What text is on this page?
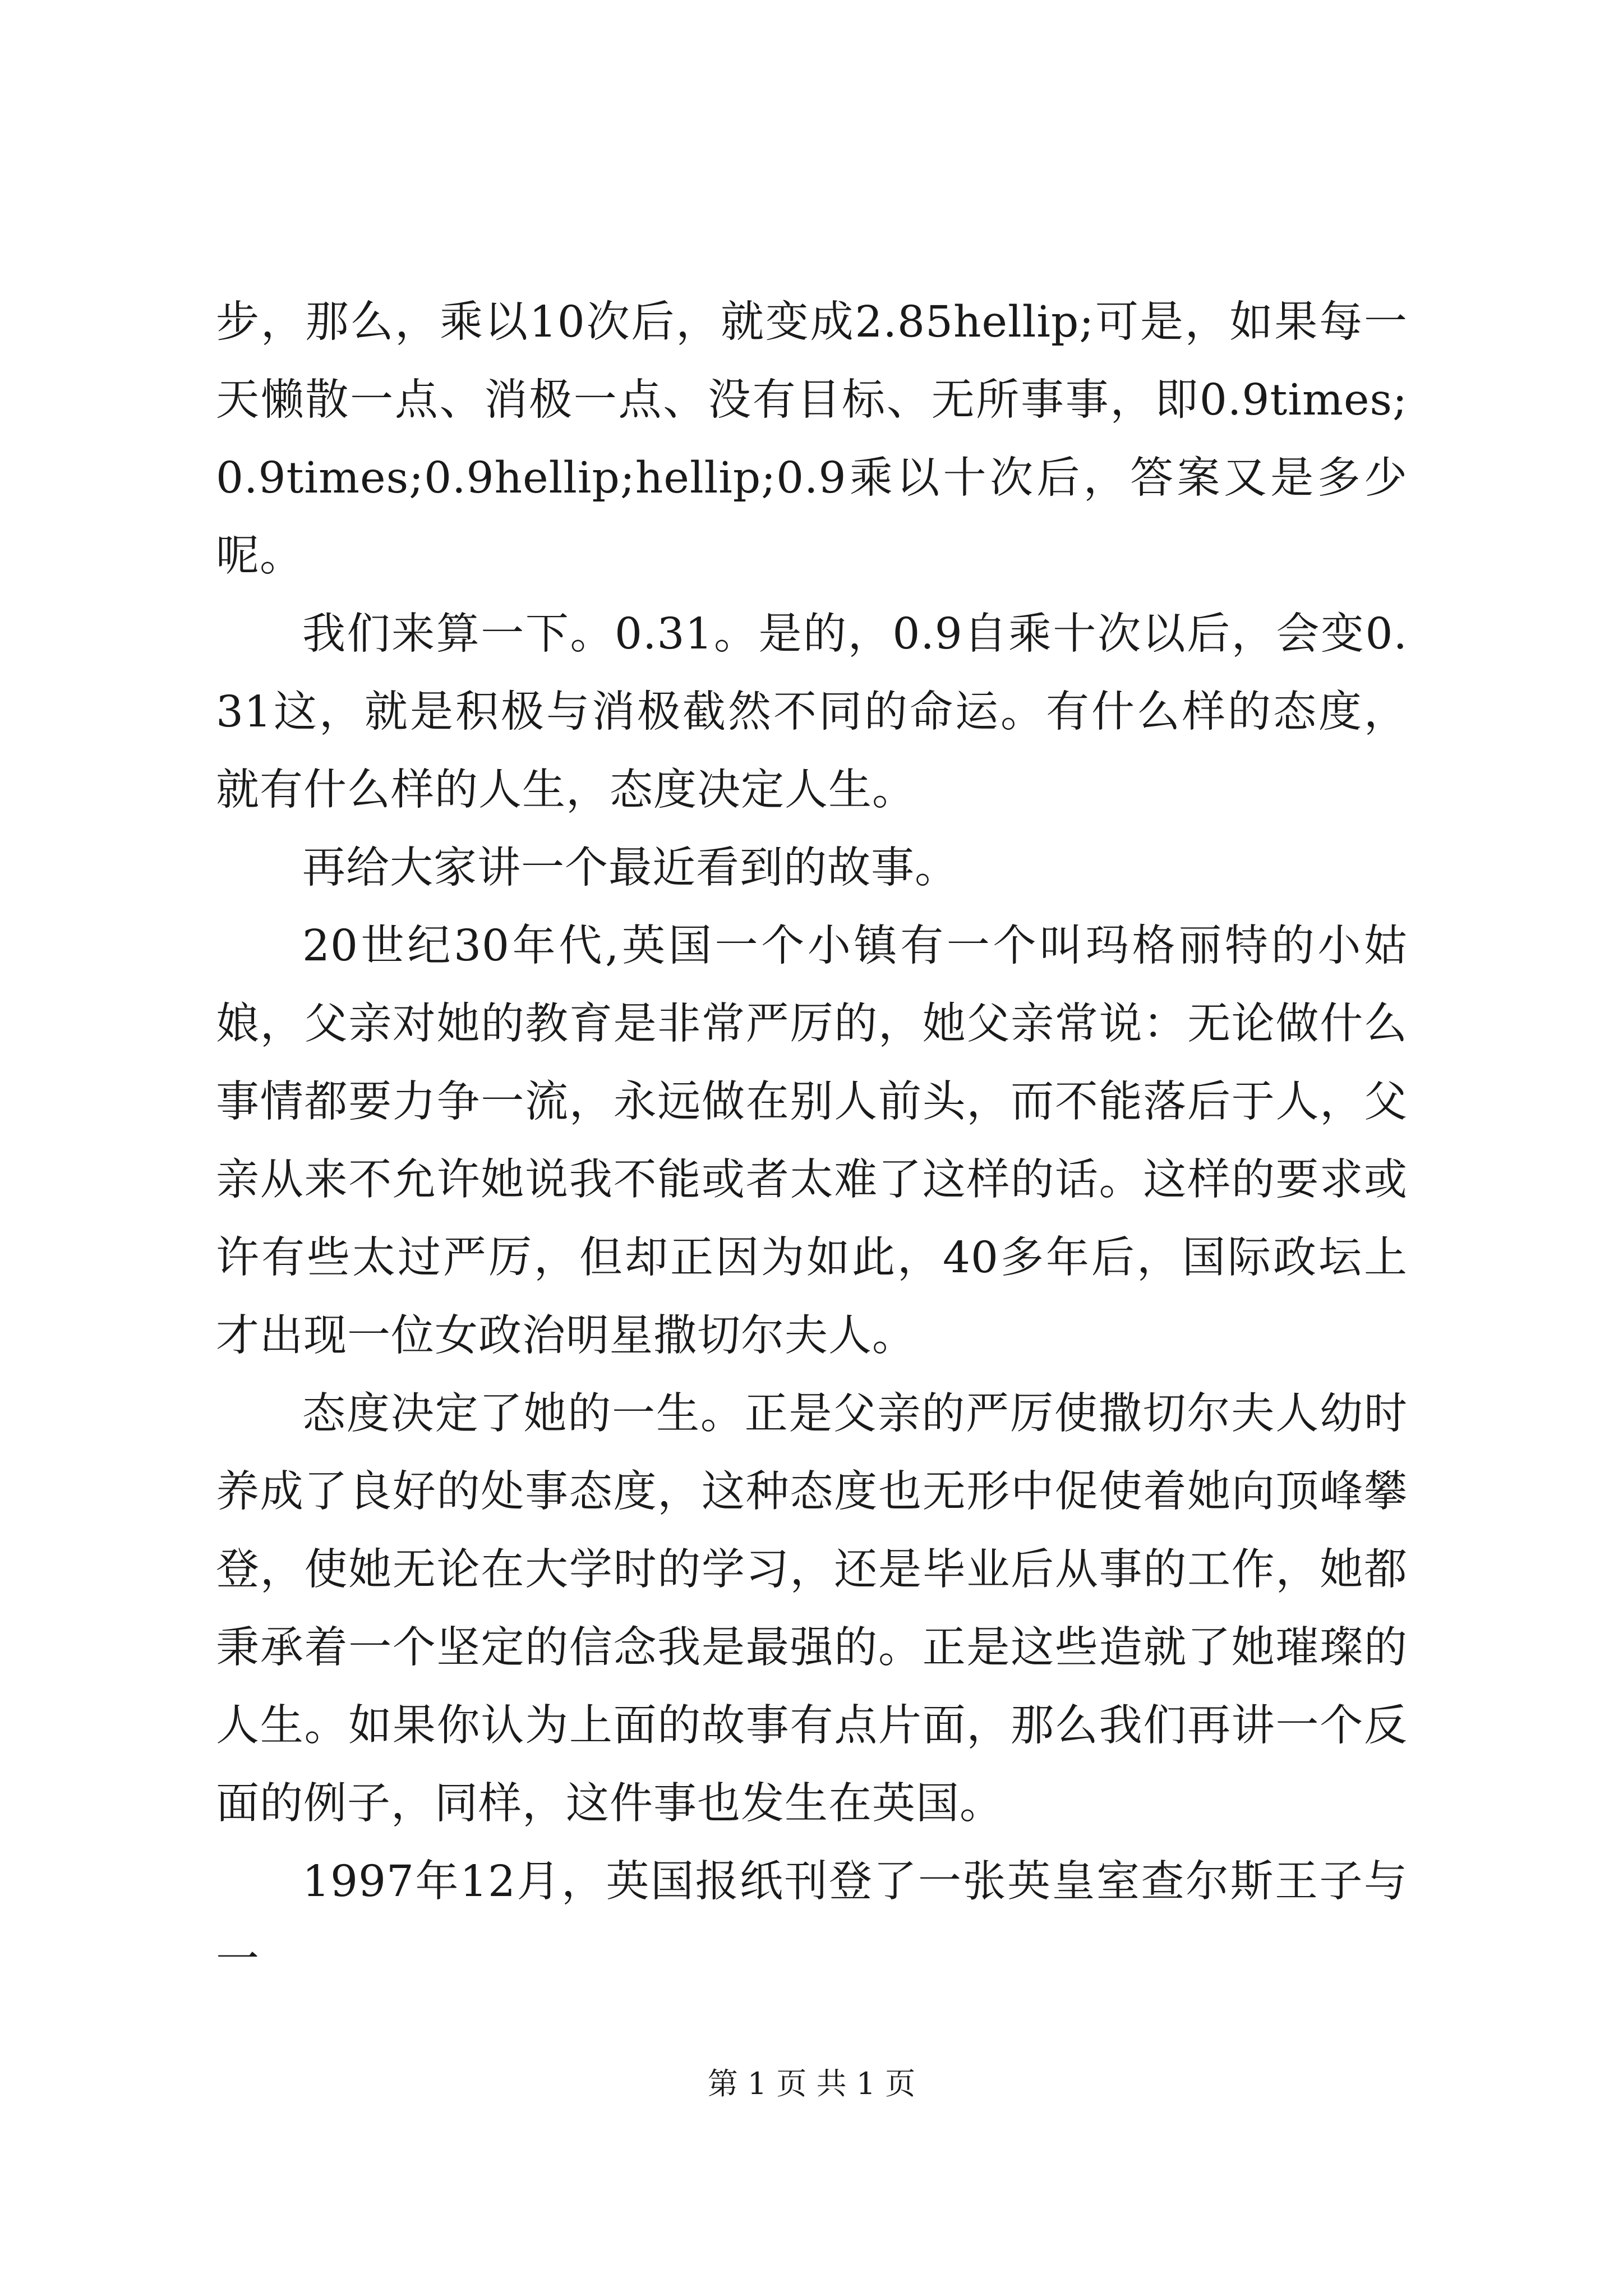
步，那么，乘以10次后，就变成2.85hellip;可是，如果每一天懒散一点、消极一点、没有目标、无所事事，即0.9times;0.9times;0.9hellip;hellip;0.9乘以十次后，答案又是多少呢。

我们来算一下。0.31。是的，0.9自乘十次以后，会变0.31这，就是积极与消极截然不同的命运。有什么样的态度，就有什么样的人生，态度决定人生。

再给大家讲一个最近看到的故事。

20世纪30年代,英国一个小镇有一个叫玛格丽特的小姑娘，父亲对她的教育是非常严厉的，她父亲常说：无论做什么事情都要力争一流，永远做在别人前头，而不能落后于人，父亲从来不允许她说我不能或者太难了这样的话。这样的要求或许有些太过严厉，但却正因为如此，40多年后，国际政坛上才出现一位女政治明星撒切尔夫人。

态度决定了她的一生。正是父亲的严厉使撒切尔夫人幼时养成了良好的处事态度，这种态度也无形中促使着她向顶峰攀登，使她无论在大学时的学习，还是毕业后从事的工作，她都秉承着一个坚定的信念我是最强的。正是这些造就了她璀璨的人生。如果你认为上面的故事有点片面，那么我们再讲一个反面的例子，同样，这件事也发生在英国。

1997年12月，英国报纸刊登了一张英皇室查尔斯王子与一

第 1 页 共 1 页
